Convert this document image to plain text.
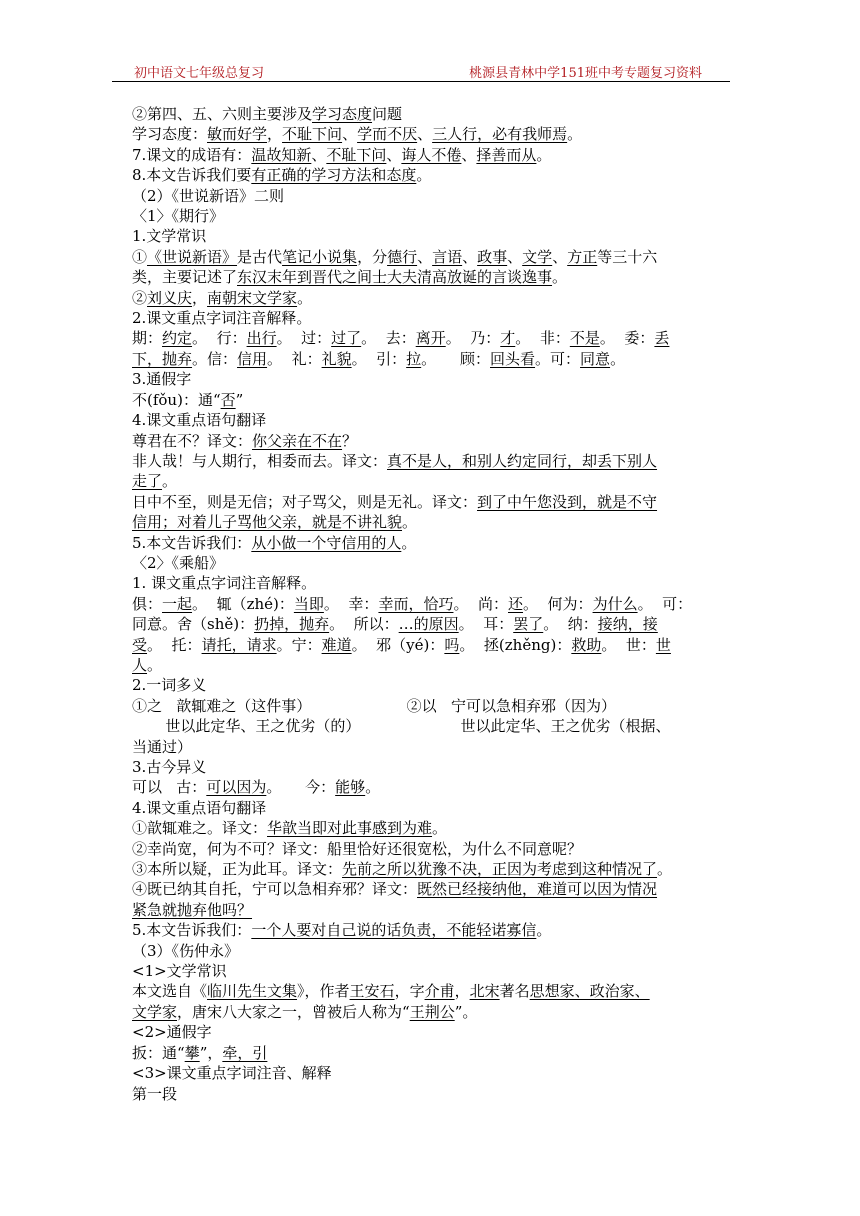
初中语文七年级总复习	桃源县青林中学151班中考专题复习资料

②第四、五、六则主要涉及学习态度问题

学习态度：敏而好学，不耻下问、学而不厌、三人行，必有我师焉。

7.课文的成语有：温故知新、不耻下问、诲人不倦、择善而从。

8.本文告诉我们要有正确的学习方法和态度。

（2）《世说新语》二则

〈1〉《期行》

1.文学常识

①《世说新语》是古代笔记小说集，分德行、言语、政事、文学、方正等三十六

类，主要记述了东汉末年到晋代之间士大夫清高放诞的言谈逸事。

②刘义庆，南朝宋文学家。

2.课文重点字词注音解释。

期：约定。  行：出行。  过：过了。  去：离开。  乃：才。  非：不是。  委：丢

下，抛弃。信：信用。  礼：礼貌。  引：拉。     顾：回头看。可：同意。

3.通假字

不(fǒu)：通“否”

4.课文重点语句翻译

尊君在不？译文：你父亲在不在？

非人哉！与人期行，相委而去。译文：真不是人，和别人约定同行，却丢下别人

走了。

日中不至，则是无信；对子骂父，则是无礼。译文：到了中午您没到，就是不守

信用；对着儿子骂他父亲，就是不讲礼貌。

5.本文告诉我们：从小做一个守信用的人。

〈2〉《乘船》

1. 课文重点字词注音解释。

俱：一起。  辄（zhé)：当即。  幸：幸而，恰巧。  尚：还。  何为：为什么。  可：

同意。舍（shě)：扔掉，抛弃。  所以：…的原因。  耳：罢了。  纳：接纳，接

受。  托：请托，请求。宁：难道。  邪（yé)：吗。  拯(zhěng)：救助。  世：世

人。

2.一词多义

①之   歆辄难之（这件事）                    ②以   宁可以急相弃邪（因为）

世以此定华、王之优劣（的）                     世以此定华、王之优劣（根据、

当通过）

3.古今异义

可以   古：可以因为。     今：能够。

4.课文重点语句翻译

①歆辄难之。译文：华歆当即对此事感到为难。

②幸尚宽，何为不可？译文：船里恰好还很宽松，为什么不同意呢？

③本所以疑，正为此耳。译文：先前之所以犹豫不决，正因为考虑到这种情况了。

④既已纳其自托，宁可以急相弃邪？译文：既然已经接纳他，难道可以因为情况

紧急就抛弃他吗？

5.本文告诉我们：一个人要对自己说的话负责，不能轻诺寡信。

（3）《伤仲永》

<1>文学常识

本文选自《临川先生文集》，作者王安石，字介甫，北宋著名思想家、政治家、

文学家，唐宋八大家之一，曾被后人称为“王荆公”。

<2>通假字

扳：通“攀”，牵，引

<3>课文重点字词注音、解释

第一段
